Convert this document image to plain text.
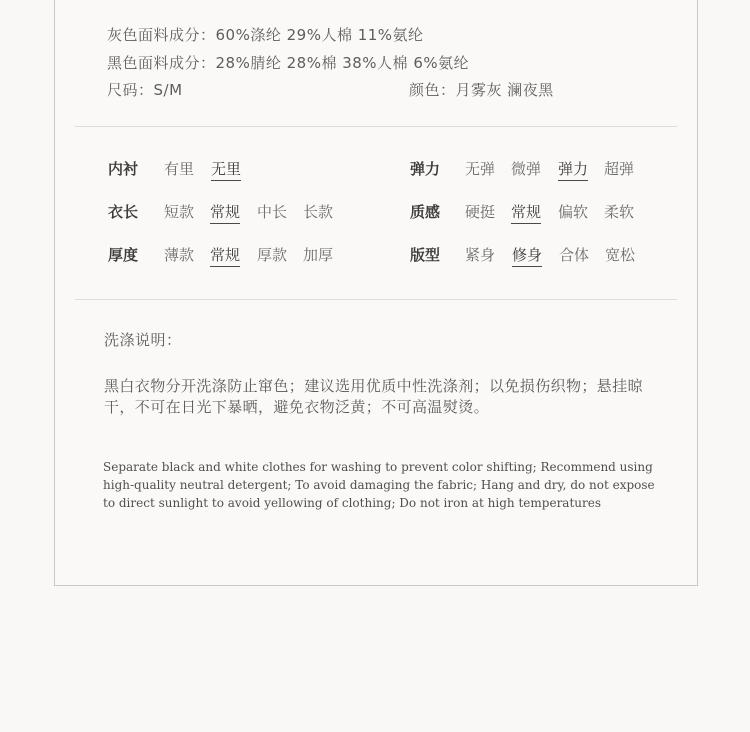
灰色面料成分：60%涤纶 29%人棉 11%氨纶
黑色面料成分：28%腈纶 28%棉 38%人棉 6%氨纶
尺码：S/M	颜色：月雾灰 澜夜黑
内衬 有里 无里	弹力 无弹 微弹 弹力 超弹
衣长 短款 常规 中长 长款	质感 硬挺 常规 偏软 柔软
厚度 薄款 常规 厚款 加厚	版型 紧身 修身 合体 宽松
洗涤说明：
黑白衣物分开洗涤防止窜色；建议选用优质中性洗涤剂；以免损伤织物；悬挂晾干，不可在日光下暴晒，避免衣物泛黄；不可高温熨烫。
Separate black and white clothes for washing to prevent color shifting; Recommend using high-quality neutral detergent; To avoid damaging the fabric; Hang and dry, do not expose to direct sunlight to avoid yellowing of clothing; Do not iron at high temperatures
